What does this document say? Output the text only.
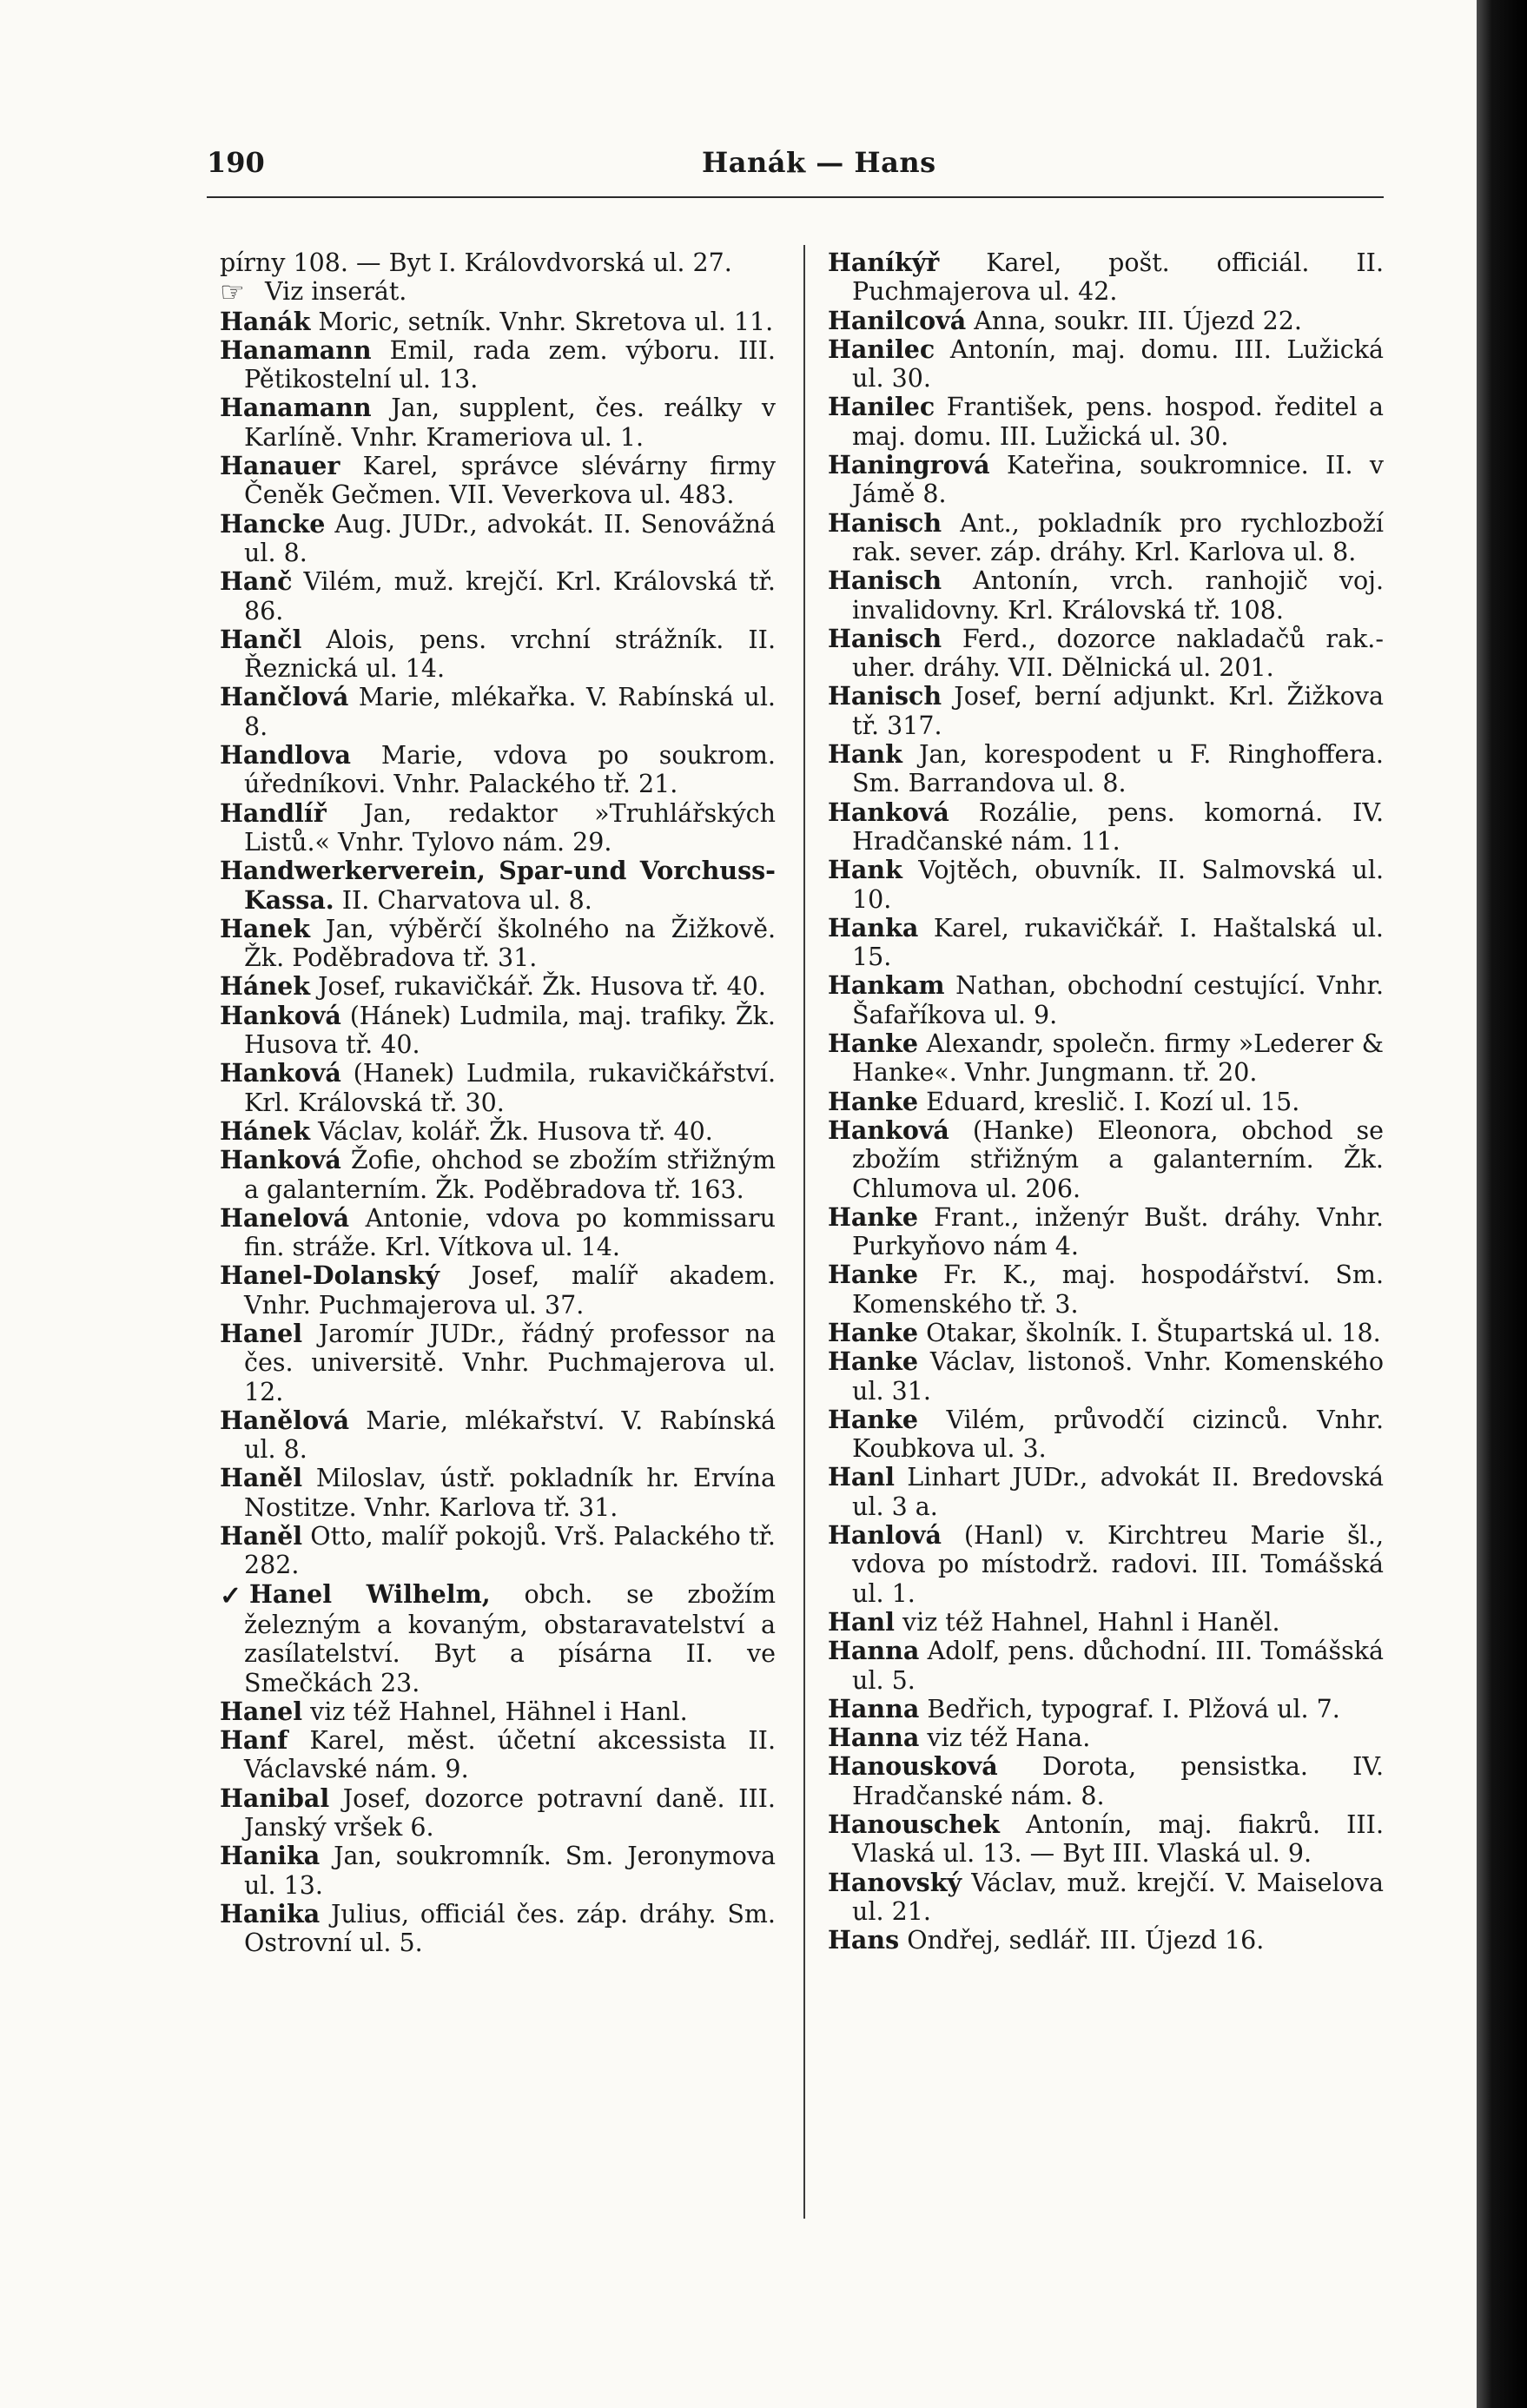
190	Hanák — Hans

pírny 108. — Byt I. Královdvorská ul. 27.

☞ Viz inserát.

Hanák Moric, setník. Vnhr. Skretova ul. 11.

Hanamann Emil, rada zem. výboru. III. Pětikostelní ul. 13.

Hanamann Jan, supplent, čes. reálky v Karlíně. Vnhr. Krameriova ul. 1.

Hanauer Karel, správce slévárny firmy Čeněk Gečmen. VII. Veverkova ul. 483.

Hancke Aug. JUDr., advokát. II. Senovážná ul. 8.

Hanč Vilém, muž. krejčí. Krl. Královská tř. 86.

Hančl Alois, pens. vrchní strážník. II. Řeznická ul. 14.

Hančlová Marie, mlékařka. V. Rabínská ul. 8.

Handlova Marie, vdova po soukrom. úředníkovi. Vnhr. Palackého tř. 21.

Handlíř Jan, redaktor »Truhlářských Listů.« Vnhr. Tylovo nám. 29.

Handwerkerverein, Spar-und Vorchuss-Kassa. II. Charvatova ul. 8.

Hanek Jan, výběrčí školného na Žižkově. Žk. Poděbradova tř. 31.

Hánek Josef, rukavičkář. Žk. Husova tř. 40.

Hanková (Hánek) Ludmila, maj. trafiky. Žk. Husova tř. 40.

Hanková (Hanek) Ludmila, rukavičkářství. Krl. Královská tř. 30.

Hánek Václav, kolář. Žk. Husova tř. 40.

Hanková Žofie, ohchod se zbožím střižným a galanterním. Žk. Poděbradova tř. 163.

Hanelová Antonie, vdova po kommissaru fin. stráže. Krl. Vítkova ul. 14.

Hanel-Dolanský Josef, malíř akadem. Vnhr. Puchmajerova ul. 37.

Hanel Jaromír JUDr., řádný professor na čes. universitě. Vnhr. Puchmajerova ul. 12.

Hanělová Marie, mlékařství. V. Rabínská ul. 8.

Haněl Miloslav, ústř. pokladník hr. Ervína Nostitze. Vnhr. Karlova tř. 31.

Haněl Otto, malíř pokojů. Vrš. Palackého tř. 282.

✓ Hanel Wilhelm, obch. se zbožím železným a kovaným, obstaravatelství a zasílatelství. Byt a písárna II. ve Smečkách 23.

Hanel viz též Hahnel, Hähnel i Hanl.

Hanf Karel, měst. účetní akcessista II. Václavské nám. 9.

Hanibal Josef, dozorce potravní daně. III. Janský vršek 6.

Hanika Jan, soukromník. Sm. Jeronymova ul. 13.

Hanika Julius, officiál čes. záp. dráhy. Sm. Ostrovní ul. 5.

Haníkýř Karel, pošt. officiál. II. Puchmajerova ul. 42.

Hanilcová Anna, soukr. III. Újezd 22.

Hanilec Antonín, maj. domu. III. Lužická ul. 30.

Hanilec František, pens. hospod. ředitel a maj. domu. III. Lužická ul. 30.

Haningrová Kateřina, soukromnice. II. v Jámě 8.

Hanisch Ant., pokladník pro rychlozboží rak. sever. záp. dráhy. Krl. Karlova ul. 8.

Hanisch Antonín, vrch. ranhojič voj. invalidovny. Krl. Královská tř. 108.

Hanisch Ferd., dozorce nakladačů rak.-uher. dráhy. VII. Dělnická ul. 201.

Hanisch Josef, berní adjunkt. Krl. Žižkova tř. 317.

Hank Jan, korespodent u F. Ringhoffera. Sm. Barrandova ul. 8.

Hanková Rozálie, pens. komorná. IV. Hradčanské nám. 11.

Hank Vojtěch, obuvník. II. Salmovská ul. 10.

Hanka Karel, rukavičkář. I. Haštalská ul. 15.

Hankam Nathan, obchodní cestující. Vnhr. Šafaříkova ul. 9.

Hanke Alexandr, společn. firmy »Lederer & Hanke«. Vnhr. Jungmann. tř. 20.

Hanke Eduard, kreslič. I. Kozí ul. 15.

Hanková (Hanke) Eleonora, obchod se zbožím střižným a galanterním. Žk. Chlumova ul. 206.

Hanke Frant., inženýr Bušt. dráhy. Vnhr. Purkyňovo nám 4.

Hanke Fr. K., maj. hospodářství. Sm. Komenského tř. 3.

Hanke Otakar, školník. I. Štupartská ul. 18.

Hanke Václav, listonoš. Vnhr. Komenského ul. 31.

Hanke Vilém, průvodčí cizinců. Vnhr. Koubkova ul. 3.

Hanl Linhart JUDr., advokát II. Bredovská ul. 3 a.

Hanlová (Hanl) v. Kirchtreu Marie šl., vdova po místodrž. radovi. III. Tomášská ul. 1.

Hanl viz též Hahnel, Hahnl i Haněl.

Hanna Adolf, pens. důchodní. III. Tomášská ul. 5.

Hanna Bedřich, typograf. I. Plžová ul. 7.

Hanna viz též Hana.

Hanousková Dorota, pensistka. IV. Hradčanské nám. 8.

Hanouschek Antonín, maj. fiakrů. III. Vlaská ul. 13. — Byt III. Vlaská ul. 9.

Hanovský Václav, muž. krejčí. V. Maiselova ul. 21.

Hans Ondřej, sedlář. III. Újezd 16.
